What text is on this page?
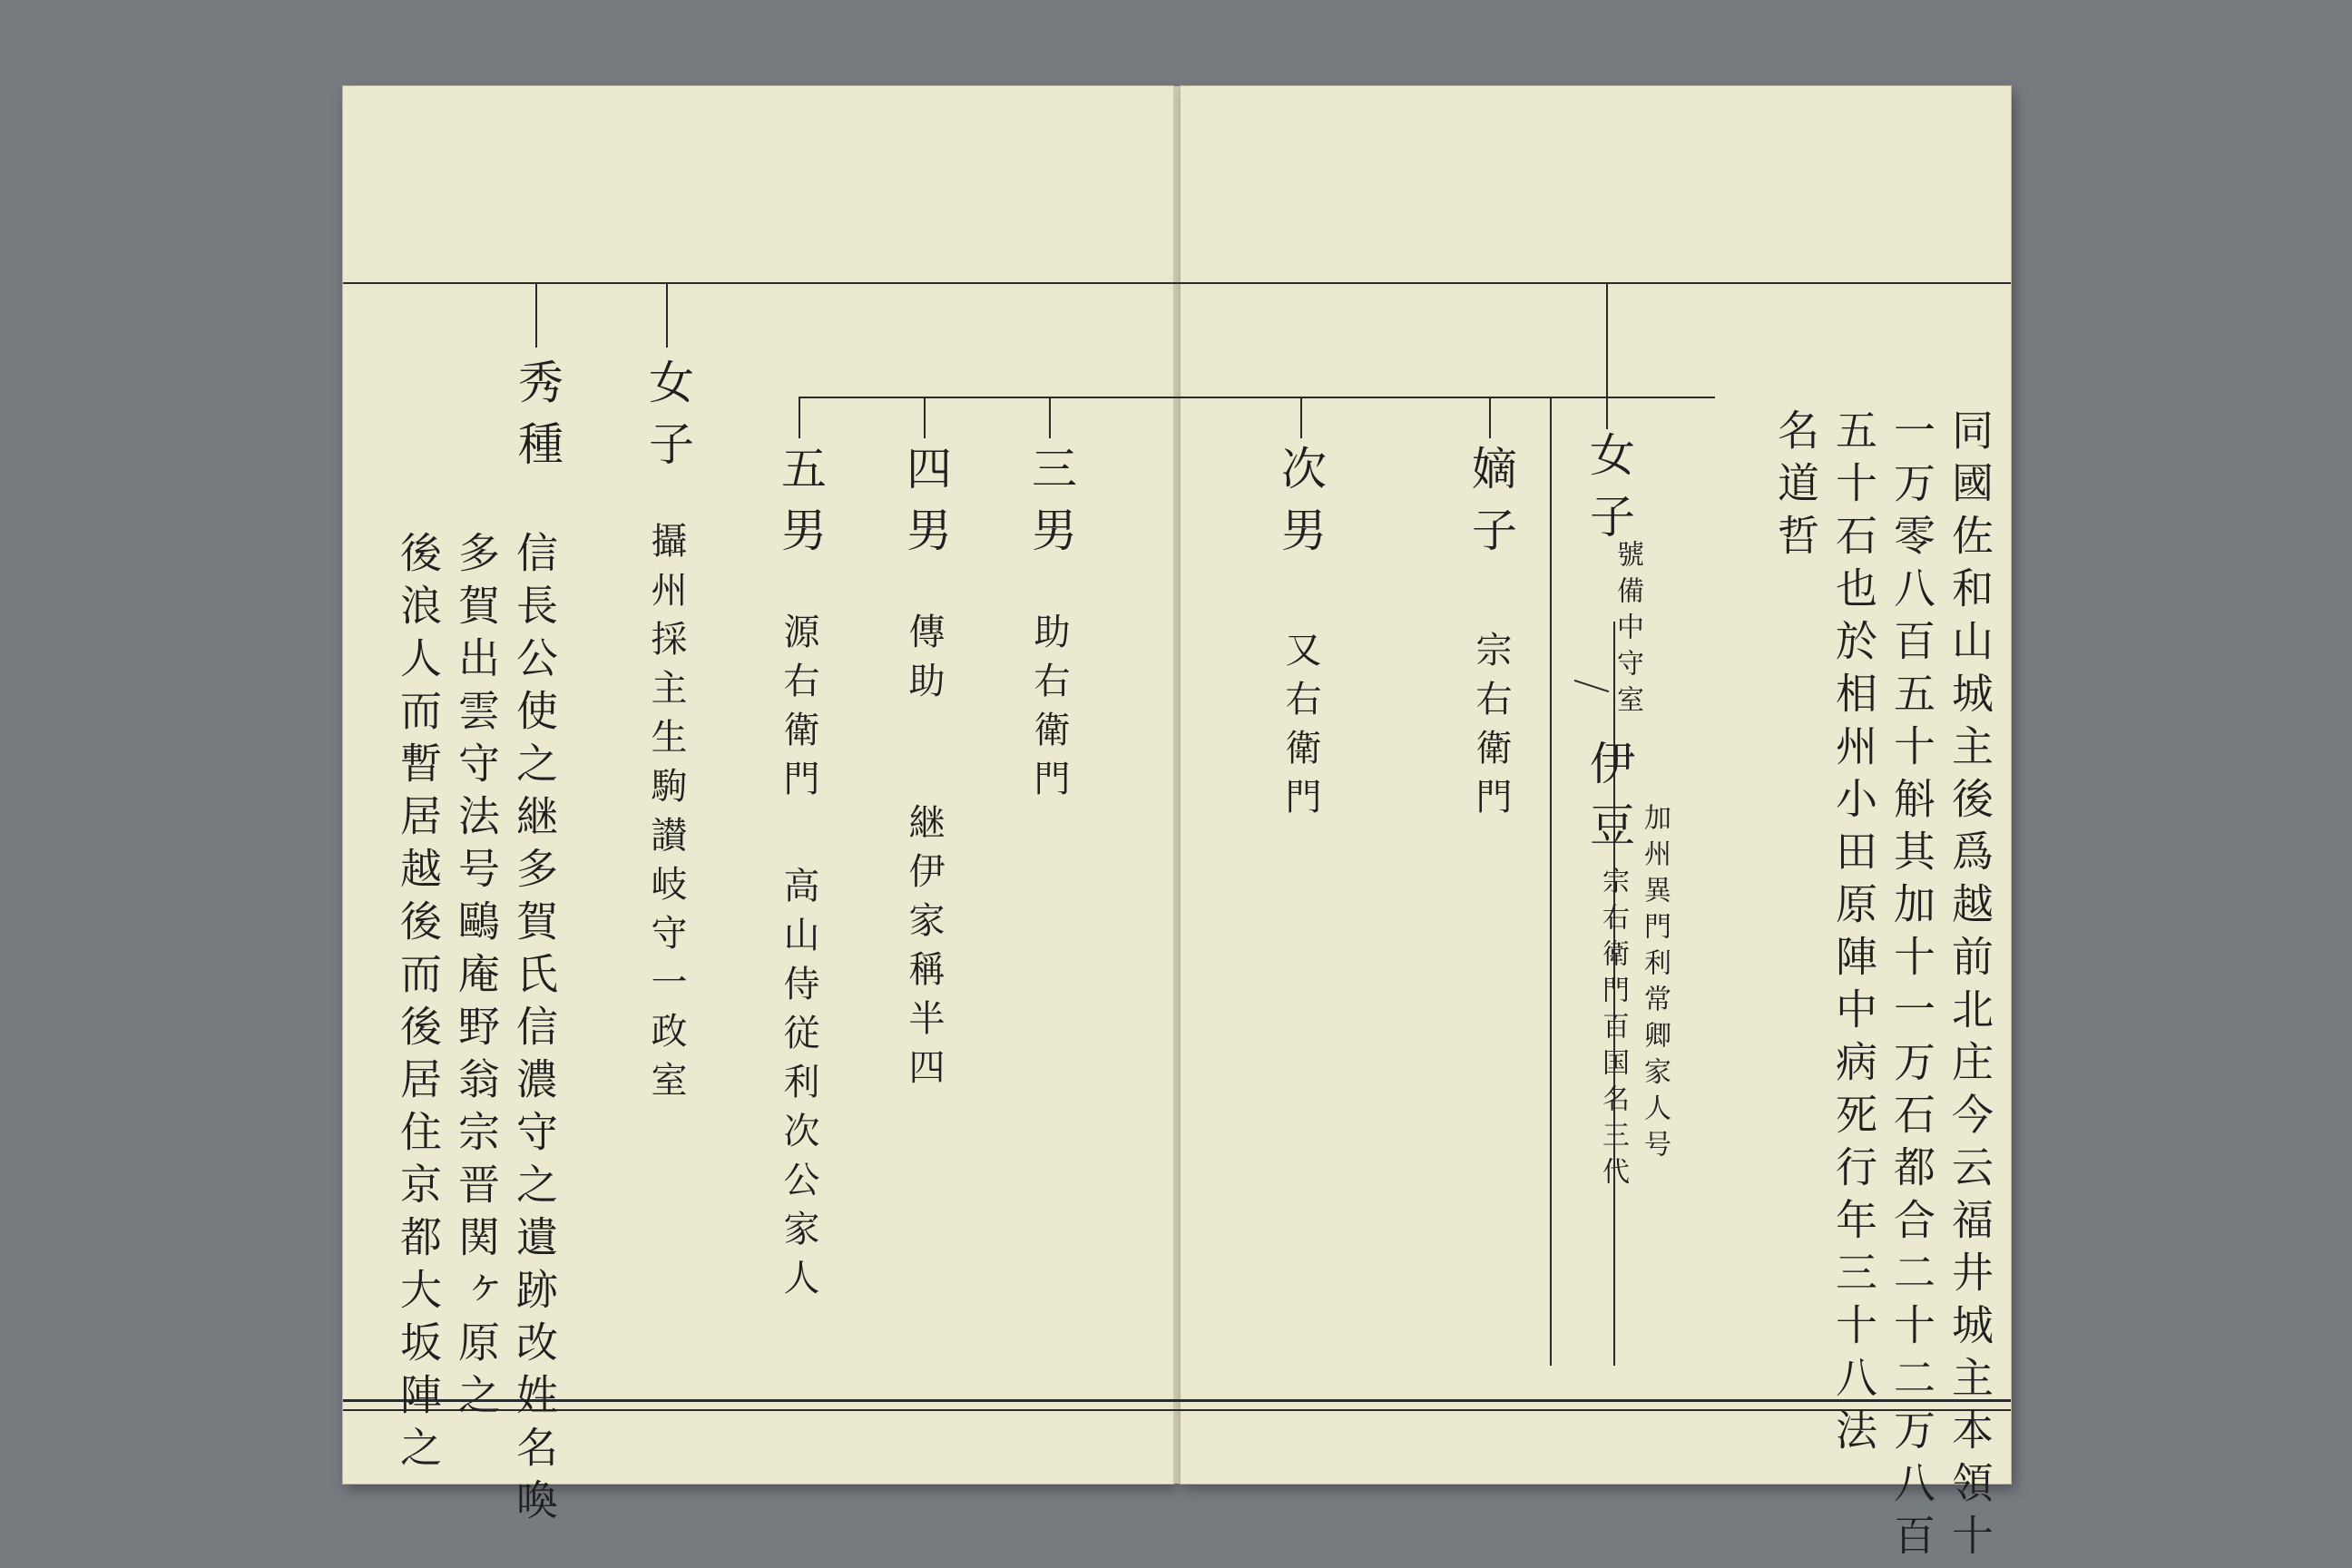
同國佐和山城主後爲越前北庄今云福井城主本領十
一万零八百五十斛其加十一万石都合二十二万八百
五十石也於相州小田原陣中病死行年三十八法
名道哲
女子
號備中守室
伊豆
加州異門利常卿家人号
宗右衛門百国名三代
嫡子
宗右衛門
次男
又右衛門
三男
助右衛門
四男
傳助
継伊家稱半四
五男
源右衛門
高山侍従利次公家人
女子
攝州採主生駒讃岐守一政室
秀種
信長公使之継多賀氏信濃守之遺跡改姓名喚
多賀出雲守法号鷗庵野翁宗晋関ヶ原之
後浪人而暫居越後而後居住京都大坂陣之
